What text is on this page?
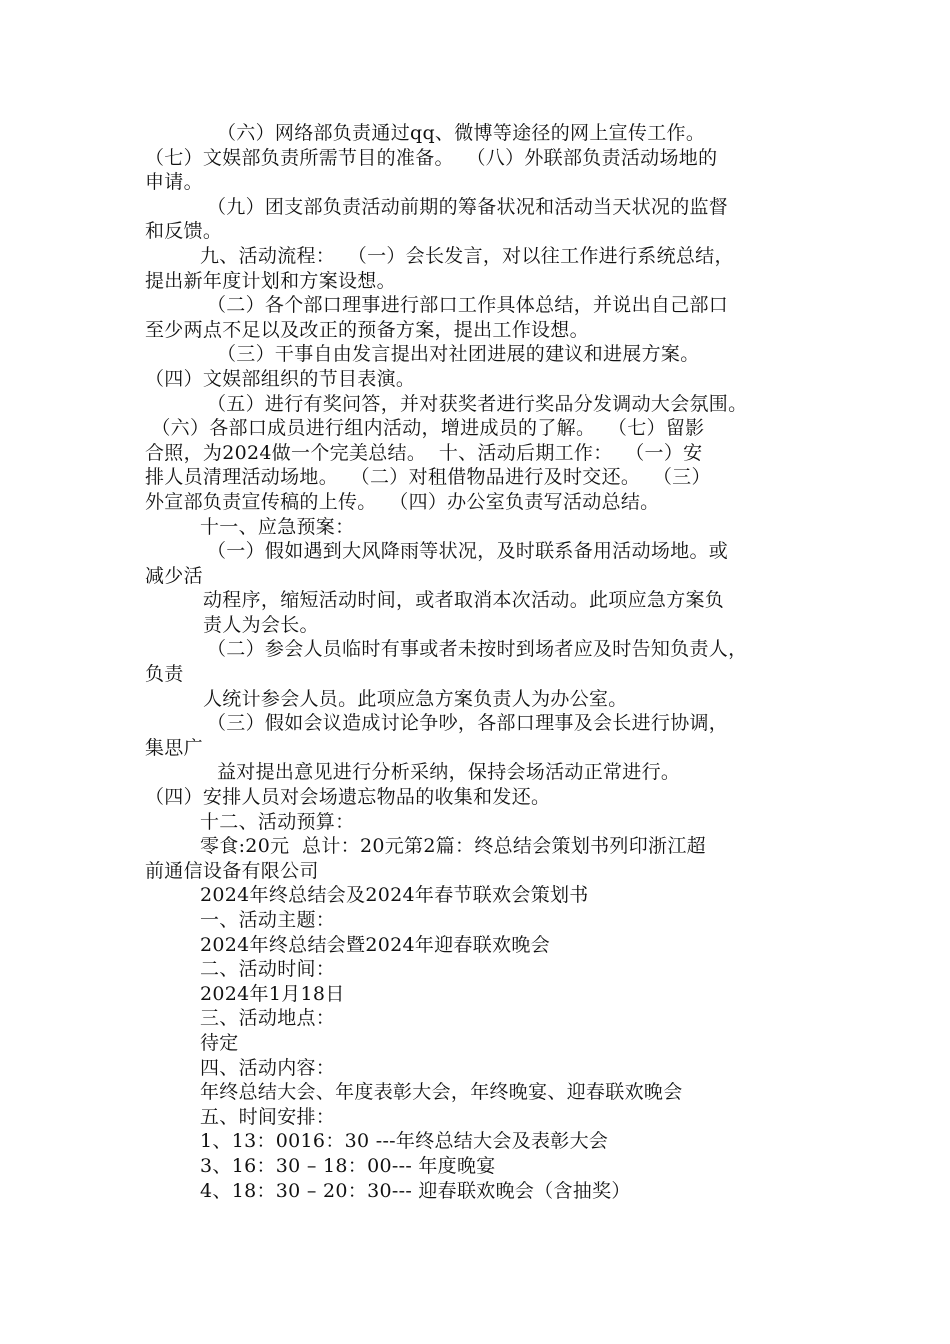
（六）网络部负责通过qq、微博等途径的网上宣传工作。
（七）文娱部负责所需节目的准备。  （八）外联部负责活动场地的
申请。
（九）团支部负责活动前期的筹备状况和活动当天状况的监督
和反馈。
九、活动流程：  （一）会长发言，对以往工作进行系统总结，
提出新年度计划和方案设想。
（二）各个部口理事进行部口工作具体总结，并说出自己部口
至少两点不足以及改正的预备方案，提出工作设想。
（三）干事自由发言提出对社团进展的建议和进展方案。
（四）文娱部组织的节目表演。
（五）进行有奖问答，并对获奖者进行奖品分发调动大会氛围。
（六）各部口成员进行组内活动，增进成员的了解。  （七）留影
合照，为2024做一个完美总结。  十、活动后期工作：  （一）安
排人员清理活动场地。  （二）对租借物品进行及时交还。  （三）
外宣部负责宣传稿的上传。  （四）办公室负责写活动总结。
十一、应急预案：
（一）假如遇到大风降雨等状况，及时联系备用活动场地。或
减少活
动程序，缩短活动时间，或者取消本次活动。此项应急方案负
责人为会长。
（二）参会人员临时有事或者未按时到场者应及时告知负责人，
负责
人统计参会人员。此项应急方案负责人为办公室。
（三）假如会议造成讨论争吵，各部口理事及会长进行协调，
集思广
益对提出意见进行分析采纳，保持会场活动正常进行。
（四）安排人员对会场遗忘物品的收集和发还。
十二、活动预算：
零食:20元  总计：20元第2篇：终总结会策划书列印浙江超
前通信设备有限公司
2024年终总结会及2024年春节联欢会策划书
一、活动主题：
2024年终总结会暨2024年迎春联欢晚会
二、活动时间：
2024年1月18日
三、活动地点：
待定
四、活动内容：
年终总结大会、年度表彰大会，年终晚宴、迎春联欢晚会
五、时间安排：
1、13：0016：30 ---年终总结大会及表彰大会
3、16：30 – 18：00--- 年度晚宴
4、18：30 – 20：30--- 迎春联欢晚会（含抽奖）
